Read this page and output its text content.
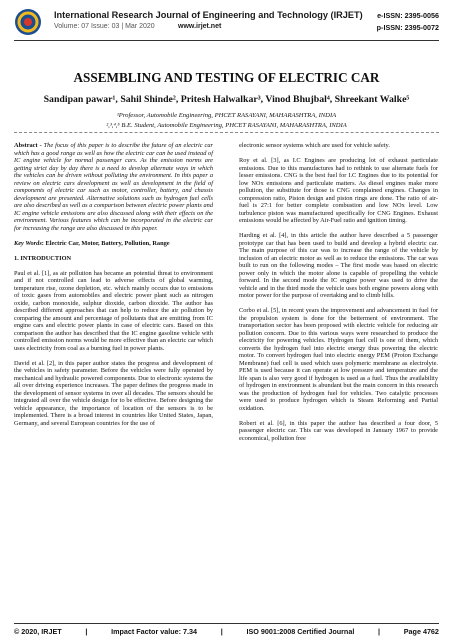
International Research Journal of Engineering and Technology (IRJET)
Volume: 07 Issue: 03 | Mar 2020	www.irjet.net
e-ISSN: 2395-0056
p-ISSN: 2395-0072
ASSEMBLING AND TESTING OF ELECTRIC CAR
Sandipan pawar¹, Sahil Shinde², Pritesh Halwalkar³, Vinod Bhujbal⁴, Shreekant Walke⁵
¹Professor, Automobile Engineering, PHCET RASAYANI, MAHARASHTRA, INDIA
²,³,⁴,⁵ B.E. Student, Automobile Engineering, PHCET RASAYANI, MAHARASHTRA, INDIA

Abstract - The focus of this paper is to describe the future of an electric car which has a good range as well as how the electric car can be used instead of IC engine vehicle for normal passenger cars. As the emission norms are getting strict day by day there is a need to develop alternate ways in which the vehicles can be driven without polluting the environment. In this paper a review on electric cars development as well as development in the field of components of electric car such as motor, controller, battery, and chassis development are presented. Alternative solutions such as hydrogen fuel cells are also described as well as a comparison between electric power plants and IC engine vehicle emissions are also discussed along with their effects on the environment. Various features which can be incorporated in the electric car for increasing the range are also discussed in this paper.

Key Words: Electric Car, Motor, Battery, Pollution, Range

1. INTRODUCTION

Paul et al. [1], as air pollution has became an potential threat to environment and if not controlled can lead to adverse effects of global warming, temperature rise, ozone depletion, etc. which mainly occurs due to emissions of toxic gases from automobiles and electric power plant such as nitrogen oxide, carbon monoxide, sulphur dioxide, carbon dioxide. The author has described different approaches that can help to reduce the air pollution by comparing the amount and percentage of pollutants that are emitting from IC engine cars and electric power plants in case of electric cars. Based on this comparison the author has described that the IC engine gasoline vehicle with controlled emission norms would be more effective than an electric car which uses electricity from coal as a burning fuel in power plants.

David et al. [2], in this paper author states the progress and development of the vehicles in safety parameter. Before the vehicles were fully operated by mechanical and hydraulic powered components. Due to electronic systems the all over driving experience increases. The paper defines the progress made in the development of sensor systems in over all decades. The sensors should be integrated all over the vehicle design for to be effective. Before designing the vehicle appearance, the importance of location of the sensors is to be implemented. There is a broad interest in countries like United States, Japan, Germany, and several European countries for the use of

electronic sensor systems which are used for vehicle safety.

Roy et al. [3], as I.C Engines are producing lot of exhaust particulate emissions. Due to this manufactures had to rethink to use alternate fuels for lesser emissions. CNG is the best fuel for I.C Engines due to its potential for low NOx emissions and particulate matters. As diesel engines make more pollution, the substitute for those is CNG complained engines. Changes in compression ratio, Piston design and piston rings are done. The ratio of air-fuel is 27:1 for better complete combustion and low NOx level. Low turbulence piston was manufactured specifically for CNG Engines. Exhaust emissions would be affected by Air-Fuel ratio and ignition timing.

Harding et al. [4], in this article the author have described a 5 passenger prototype car that has been used to build and develop a hybrid electric car. The main purpose of this car was to increase the range of the vehicle by inclusion of an electric motor as well as to reduce the emissions. The car was built to run on the following modes – The first mode was based on electric power only in which the motor alone is capable of propelling the vehicle forward. In the second mode the IC engine power was used to drive the vehicle and in the third mode the vehicle uses both engine powers along with motor power for the purpose of overtaking and to climb hills.

Corbo et al. [5], in recent years the improvement and advancement in fuel for the propulsion system is done for the betterment of environment. The transportation sector has been proposed with electric vehicle for reducing air pollution concern. Due to this various ways were researched to produce the electricity for powering vehicles. Hydrogen fuel cell is one of them, which converts the hydrogen fuel into electric energy thus powering the electric motor. To convert hydrogen fuel into electric energy PEM (Proton Exchange Membrane) fuel cell is used which uses polymeric membrane as electrolyte. PEM is used because it can operate at low pressure and temperature and the life span is also very good if hydrogen is used as a fuel. Thus the availability of hydrogen in environment is abundant but the main concern in this research was the production of hydrogen fuel for vehicles. Two catalytic processes were used to produce hydrogen which is Steam Reforming and Partial oxidation.

Robert et al. [6], in this paper the author has described a four door, 5 passenger electric car. This car was developed in January 1967 to provide economical, pollution free

© 2020, IRJET	|	Impact Factor value: 7.34	|	ISO 9001:2008 Certified Journal	|	Page 4762
